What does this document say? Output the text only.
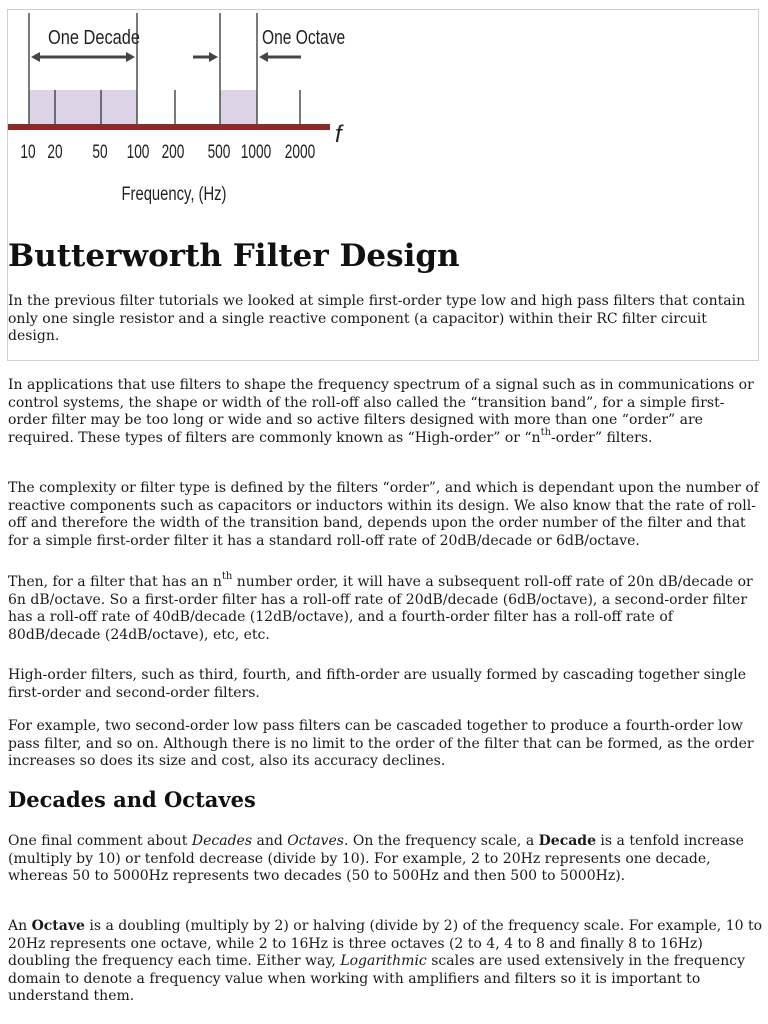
One Decade	One Octave
f
10 20 50 100 200 500 1000 2000
Frequency, (Hz)
Butterworth Filter Design

In the previous filter tutorials we looked at simple first-order type low and high pass filters that contain only one single resistor and a single reactive component (a capacitor) within their RC filter circuit design.

In applications that use filters to shape the frequency spectrum of a signal such as in communications or control systems, the shape or width of the roll-off also called the “transition band”, for a simple first-order filter may be too long or wide and so active filters designed with more than one “order” are required. These types of filters are commonly known as “High-order” or “$n^{th}$-order” filters.

The complexity or filter type is defined by the filters “order”, and which is dependant upon the number of reactive components such as capacitors or inductors within its design. We also know that the rate of roll-off and therefore the width of the transition band, depends upon the order number of the filter and that for a simple first-order filter it has a standard roll-off rate of 20dB/decade or 6dB/octave.

Then, for a filter that has an $n^{th}$ number order, it will have a subsequent roll-off rate of 20n dB/decade or 6n dB/octave. So a first-order filter has a roll-off rate of 20dB/decade (6dB/octave), a second-order filter has a roll-off rate of 40dB/decade (12dB/octave), and a fourth-order filter has a roll-off rate of 80dB/decade (24dB/octave), etc, etc.

High-order filters, such as third, fourth, and fifth-order are usually formed by cascading together single first-order and second-order filters.

For example, two second-order low pass filters can be cascaded together to produce a fourth-order low pass filter, and so on. Although there is no limit to the order of the filter that can be formed, as the order increases so does its size and cost, also its accuracy declines.

Decades and Octaves

One final comment about Decades and Octaves. On the frequency scale, a Decade is a tenfold increase (multiply by 10) or tenfold decrease (divide by 10). For example, 2 to 20Hz represents one decade, whereas 50 to 5000Hz represents two decades (50 to 500Hz and then 500 to 5000Hz).

An Octave is a doubling (multiply by 2) or halving (divide by 2) of the frequency scale. For example, 10 to 20Hz represents one octave, while 2 to 16Hz is three octaves (2 to 4, 4 to 8 and finally 8 to 16Hz) doubling the frequency each time. Either way, Logarithmic scales are used extensively in the frequency domain to denote a frequency value when working with amplifiers and filters so it is important to understand them.
